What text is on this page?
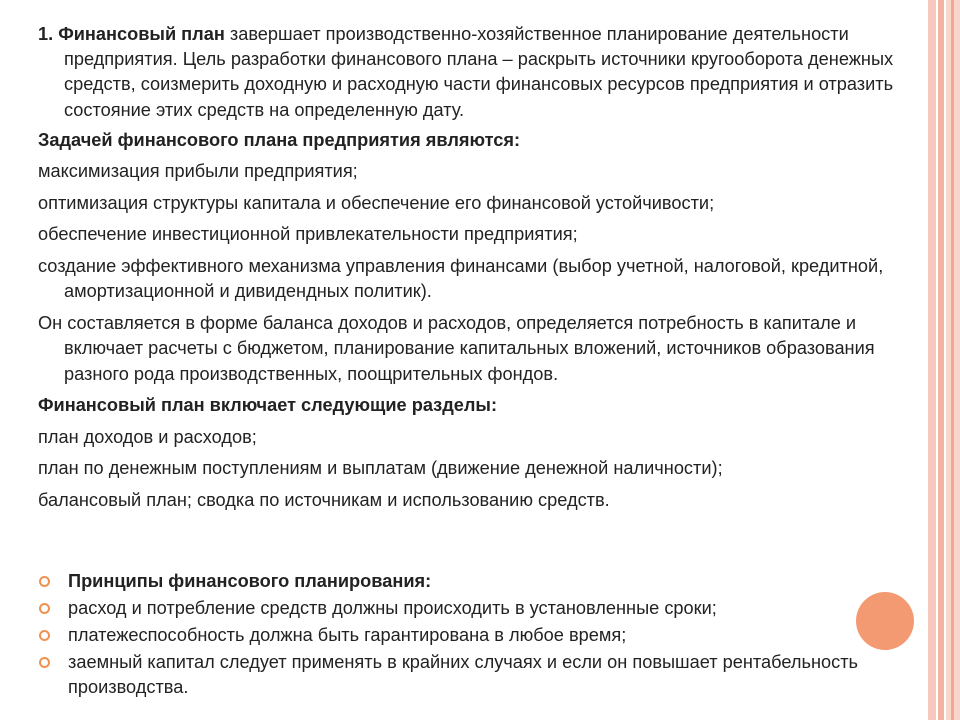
1. Финансовый план завершает производственно-хозяйственное планирование деятельности предприятия. Цель разработки финансового плана – раскрыть источники кругооборота денежных средств, соизмерить доходную и расходную части финансовых ресурсов предприятия и отразить состояние этих средств на определенную дату.
Задачей финансового плана предприятия являются:
максимизация прибыли предприятия;
оптимизация структуры капитала и обеспечение его финансовой устойчивости;
обеспечение инвестиционной привлекательности предприятия;
создание эффективного механизма управления финансами (выбор учетной, налоговой, кредитной, амортизационной и дивидендных политик).
Он составляется в форме баланса доходов и расходов, определяется потребность в капитале и включает расчеты с бюджетом, планирование капитальных вложений, источников образования разного рода производственных, поощрительных фондов.
Финансовый план включает следующие разделы:
план доходов и расходов;
план по денежным поступлениям и выплатам (движение денежной наличности);
балансовый план; сводка по источникам и использованию средств.
Принципы финансового планирования:
расход и потребление средств должны происходить в установленные сроки;
платежеспособность должна быть гарантирована в любое время;
заемный капитал следует применять в крайних случаях и если он повышает рентабельность производства.
